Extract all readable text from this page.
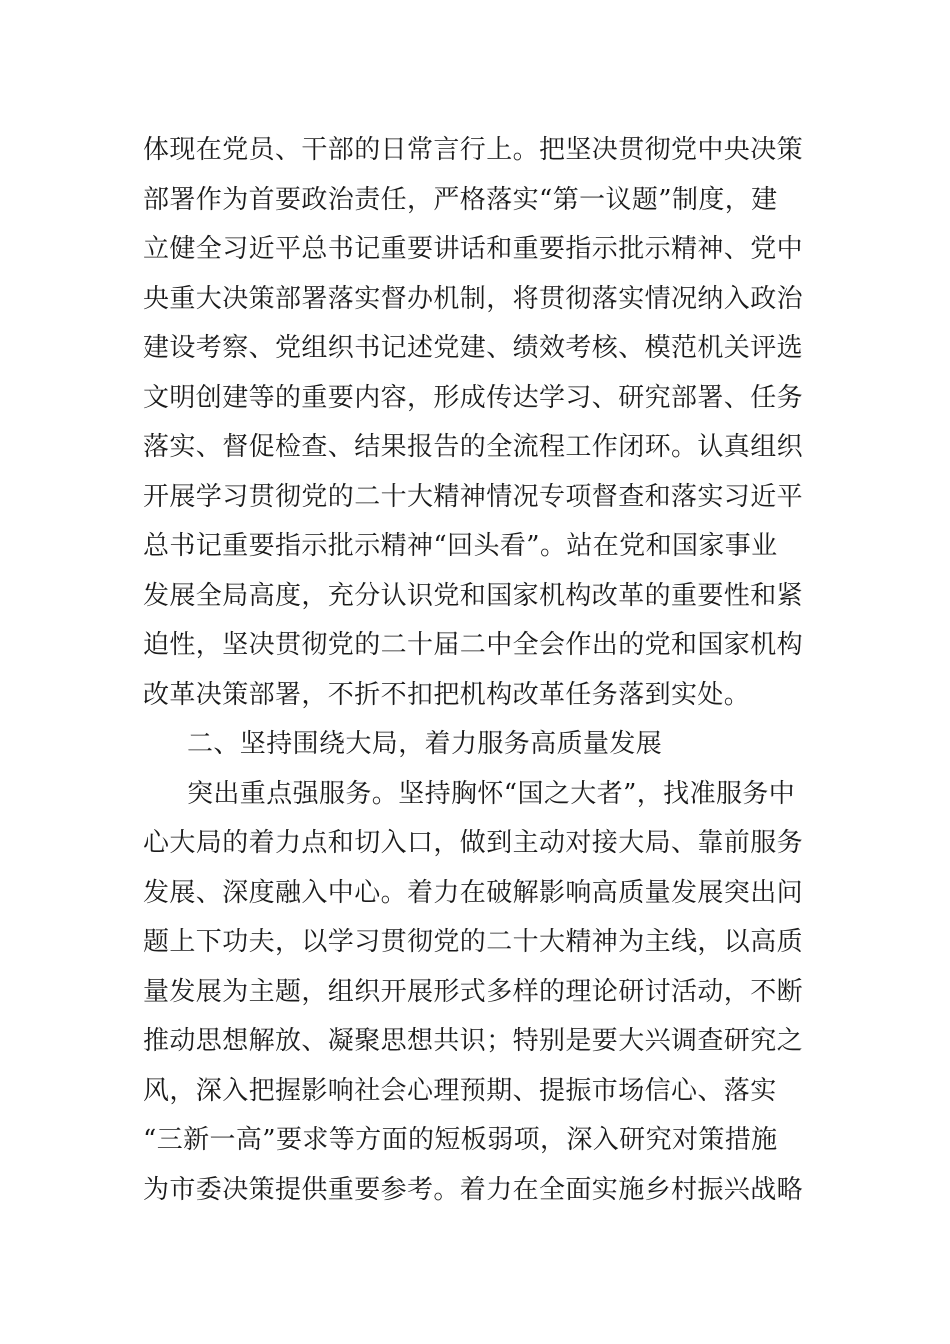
体现在党员、干部的日常言行上。把坚决贯彻党中央决策
部署作为首要政治责任，严格落实“第一议题”制度，建
立健全习近平总书记重要讲话和重要指示批示精神、党中
央重大决策部署落实督办机制，将贯彻落实情况纳入政治
建设考察、党组织书记述党建、绩效考核、模范机关评选
文明创建等的重要内容，形成传达学习、研究部署、任务
落实、督促检查、结果报告的全流程工作闭环。认真组织
开展学习贯彻党的二十大精神情况专项督查和落实习近平
总书记重要指示批示精神“回头看”。站在党和国家事业
发展全局高度，充分认识党和国家机构改革的重要性和紧
迫性，坚决贯彻党的二十届二中全会作出的党和国家机构
改革决策部署，不折不扣把机构改革任务落到实处。
二、坚持围绕大局，着力服务高质量发展
突出重点强服务。坚持胸怀“国之大者”，找准服务中
心大局的着力点和切入口，做到主动对接大局、靠前服务
发展、深度融入中心。着力在破解影响高质量发展突出问
题上下功夫，以学习贯彻党的二十大精神为主线，以高质
量发展为主题，组织开展形式多样的理论研讨活动，不断
推动思想解放、凝聚思想共识；特别是要大兴调查研究之
风，深入把握影响社会心理预期、提振市场信心、落实
“三新一高”要求等方面的短板弱项，深入研究对策措施
为市委决策提供重要参考。着力在全面实施乡村振兴战略
